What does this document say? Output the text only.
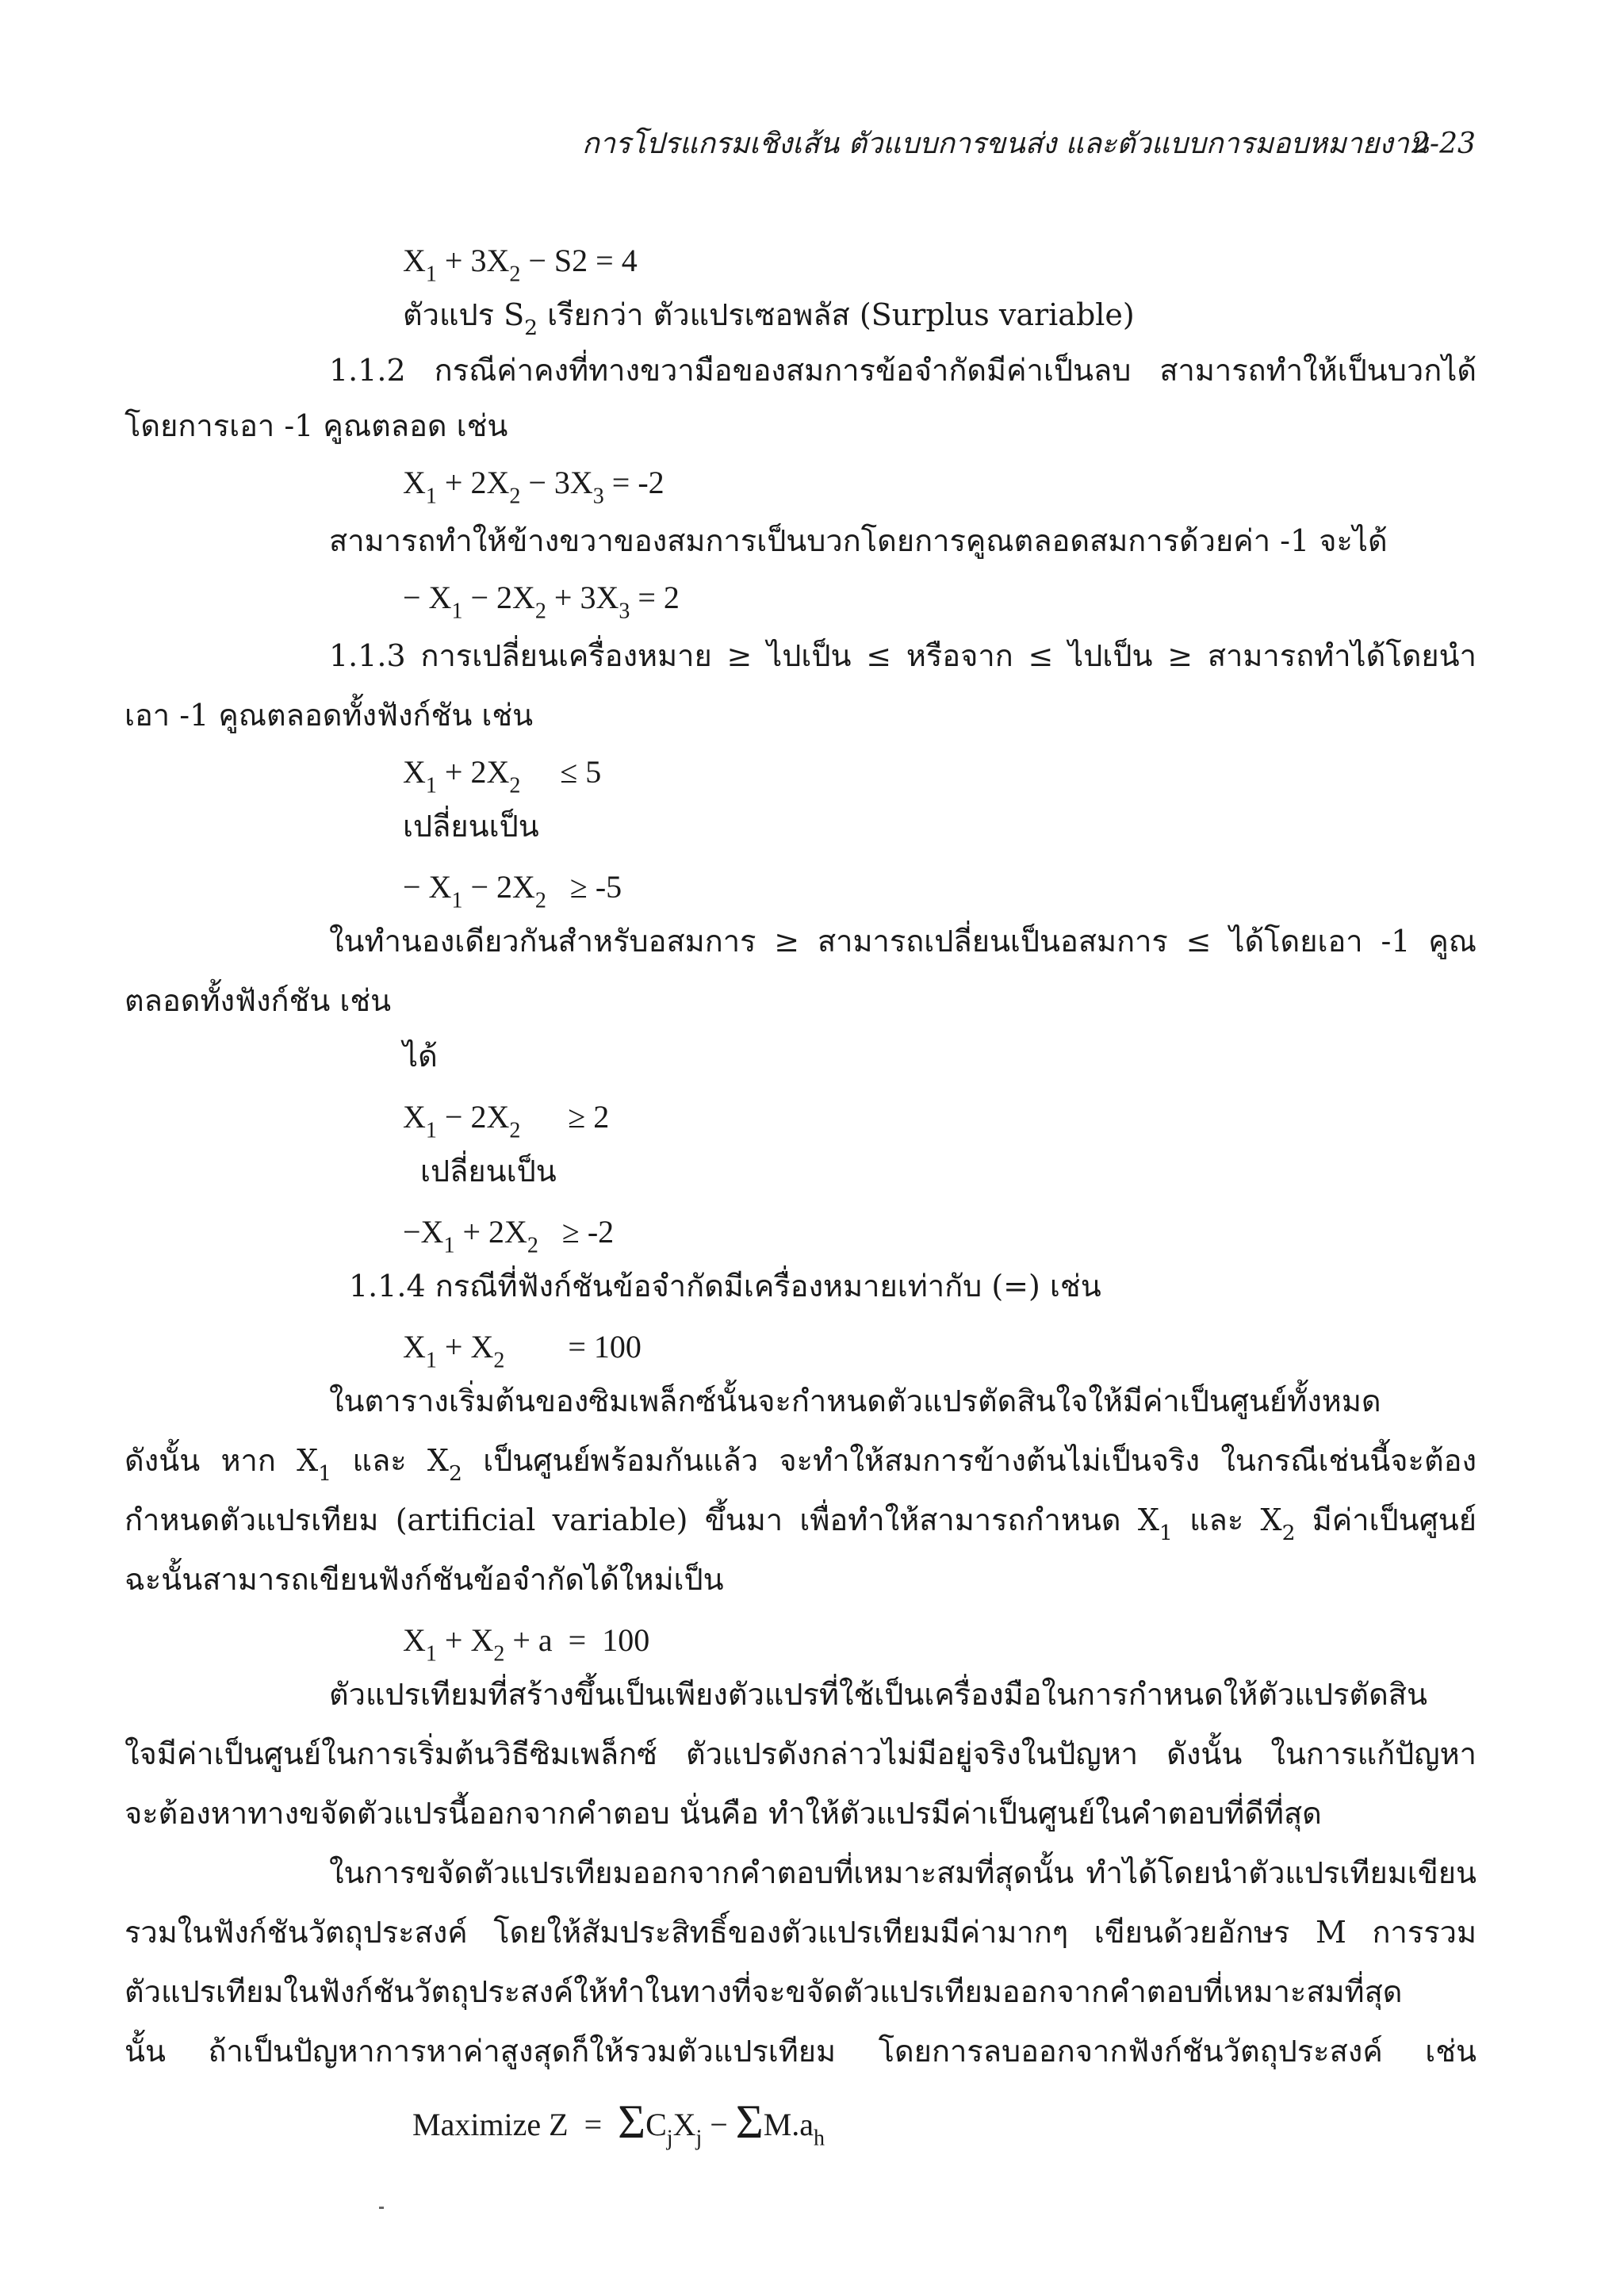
การโปรแกรมเชิงเส้น ตัวแบบการขนส่ง และตัวแบบการมอบหมายงาน
2-23
$X_1 + 3X_2 - S2 = 4$
ตัวแปร $S_2$ เรียกว่า ตัวแปรเซอพลัส (Surplus variable)
1.1.2 กรณีค่าคงที่ทางขวามือของสมการข้อจำกัดมีค่าเป็นลบ สามารถทำให้เป็นบวกได้
โดยการเอา -1 คูณตลอด เช่น
$X_1 + 2X_2 - 3X_3 = -2$
สามารถทำให้ข้างขวาของสมการเป็นบวกโดยการคูณตลอดสมการด้วยค่า -1 จะได้
− $X_1 - 2X_2 + 3X_3 = 2$
1.1.3 การเปลี่ยนเครื่องหมาย ≥ ไปเป็น ≤ หรือจาก ≤ ไปเป็น ≥ สามารถทำได้โดยนำ
เอา -1 คูณตลอดทั้งฟังก์ชัน เช่น
$X_1 + 2X_2$     ≤ 5
เปลี่ยนเป็น
− $X_1 - 2X_2 \ge -5$
ในทำนองเดียวกันสำหรับอสมการ ≥ สามารถเปลี่ยนเป็นอสมการ ≤ ได้โดยเอา -1 คูณ
ตลอดทั้งฟังก์ชัน เช่น
ได้
$X_1 - 2X_2$      ≥ 2
เปลี่ยนเป็น
$-X_1 + 2X_2 \ge -2$
1.1.4 กรณีที่ฟังก์ชันข้อจำกัดมีเครื่องหมายเท่ากับ (=) เช่น
$X_1 + X_2$        = 100
ในตารางเริ่มต้นของซิมเพล็กซ์นั้นจะกำหนดตัวแปรตัดสินใจให้มีค่าเป็นศูนย์ทั้งหมด
ดังนั้น หาก $X_1$ และ $X_2$ เป็นศูนย์พร้อมกันแล้ว จะทำให้สมการข้างต้นไม่เป็นจริง ในกรณีเช่นนี้จะต้อง
กำหนดตัวแปรเทียม (artificial variable) ขึ้นมา เพื่อทำให้สามารถกำหนด $X_1$ และ $X_2$ มีค่าเป็นศูนย์
ฉะนั้นสามารถเขียนฟังก์ชันข้อจำกัดได้ใหม่เป็น
$X_1 + X_2 + a = 100$
ตัวแปรเทียมที่สร้างขึ้นเป็นเพียงตัวแปรที่ใช้เป็นเครื่องมือในการกำหนดให้ตัวแปรตัดสิน
ใจมีค่าเป็นศูนย์ในการเริ่มต้นวิธีซิมเพล็กซ์ ตัวแปรดังกล่าวไม่มีอยู่จริงในปัญหา ดังนั้น ในการแก้ปัญหา
จะต้องหาทางขจัดตัวแปรนี้ออกจากคำตอบ นั่นคือ ทำให้ตัวแปรมีค่าเป็นศูนย์ในคำตอบที่ดีที่สุด
ในการขจัดตัวแปรเทียมออกจากคำตอบที่เหมาะสมที่สุดนั้น ทำได้โดยนำตัวแปรเทียมเขียน
รวมในฟังก์ชันวัตถุประสงค์ โดยให้สัมประสิทธิ์ของตัวแปรเทียมมีค่ามากๆ เขียนด้วยอักษร M การรวม
ตัวแปรเทียมในฟังก์ชันวัตถุประสงค์ให้ทำในทางที่จะขจัดตัวแปรเทียมออกจากคำตอบที่เหมาะสมที่สุด
นั้น ถ้าเป็นปัญหาการหาค่าสูงสุดก็ให้รวมตัวแปรเทียม โดยการลบออกจากฟังก์ชันวัตถุประสงค์ เช่น
Maximize $Z = \Sigma C_jX_j - \Sigma M.a_h$
